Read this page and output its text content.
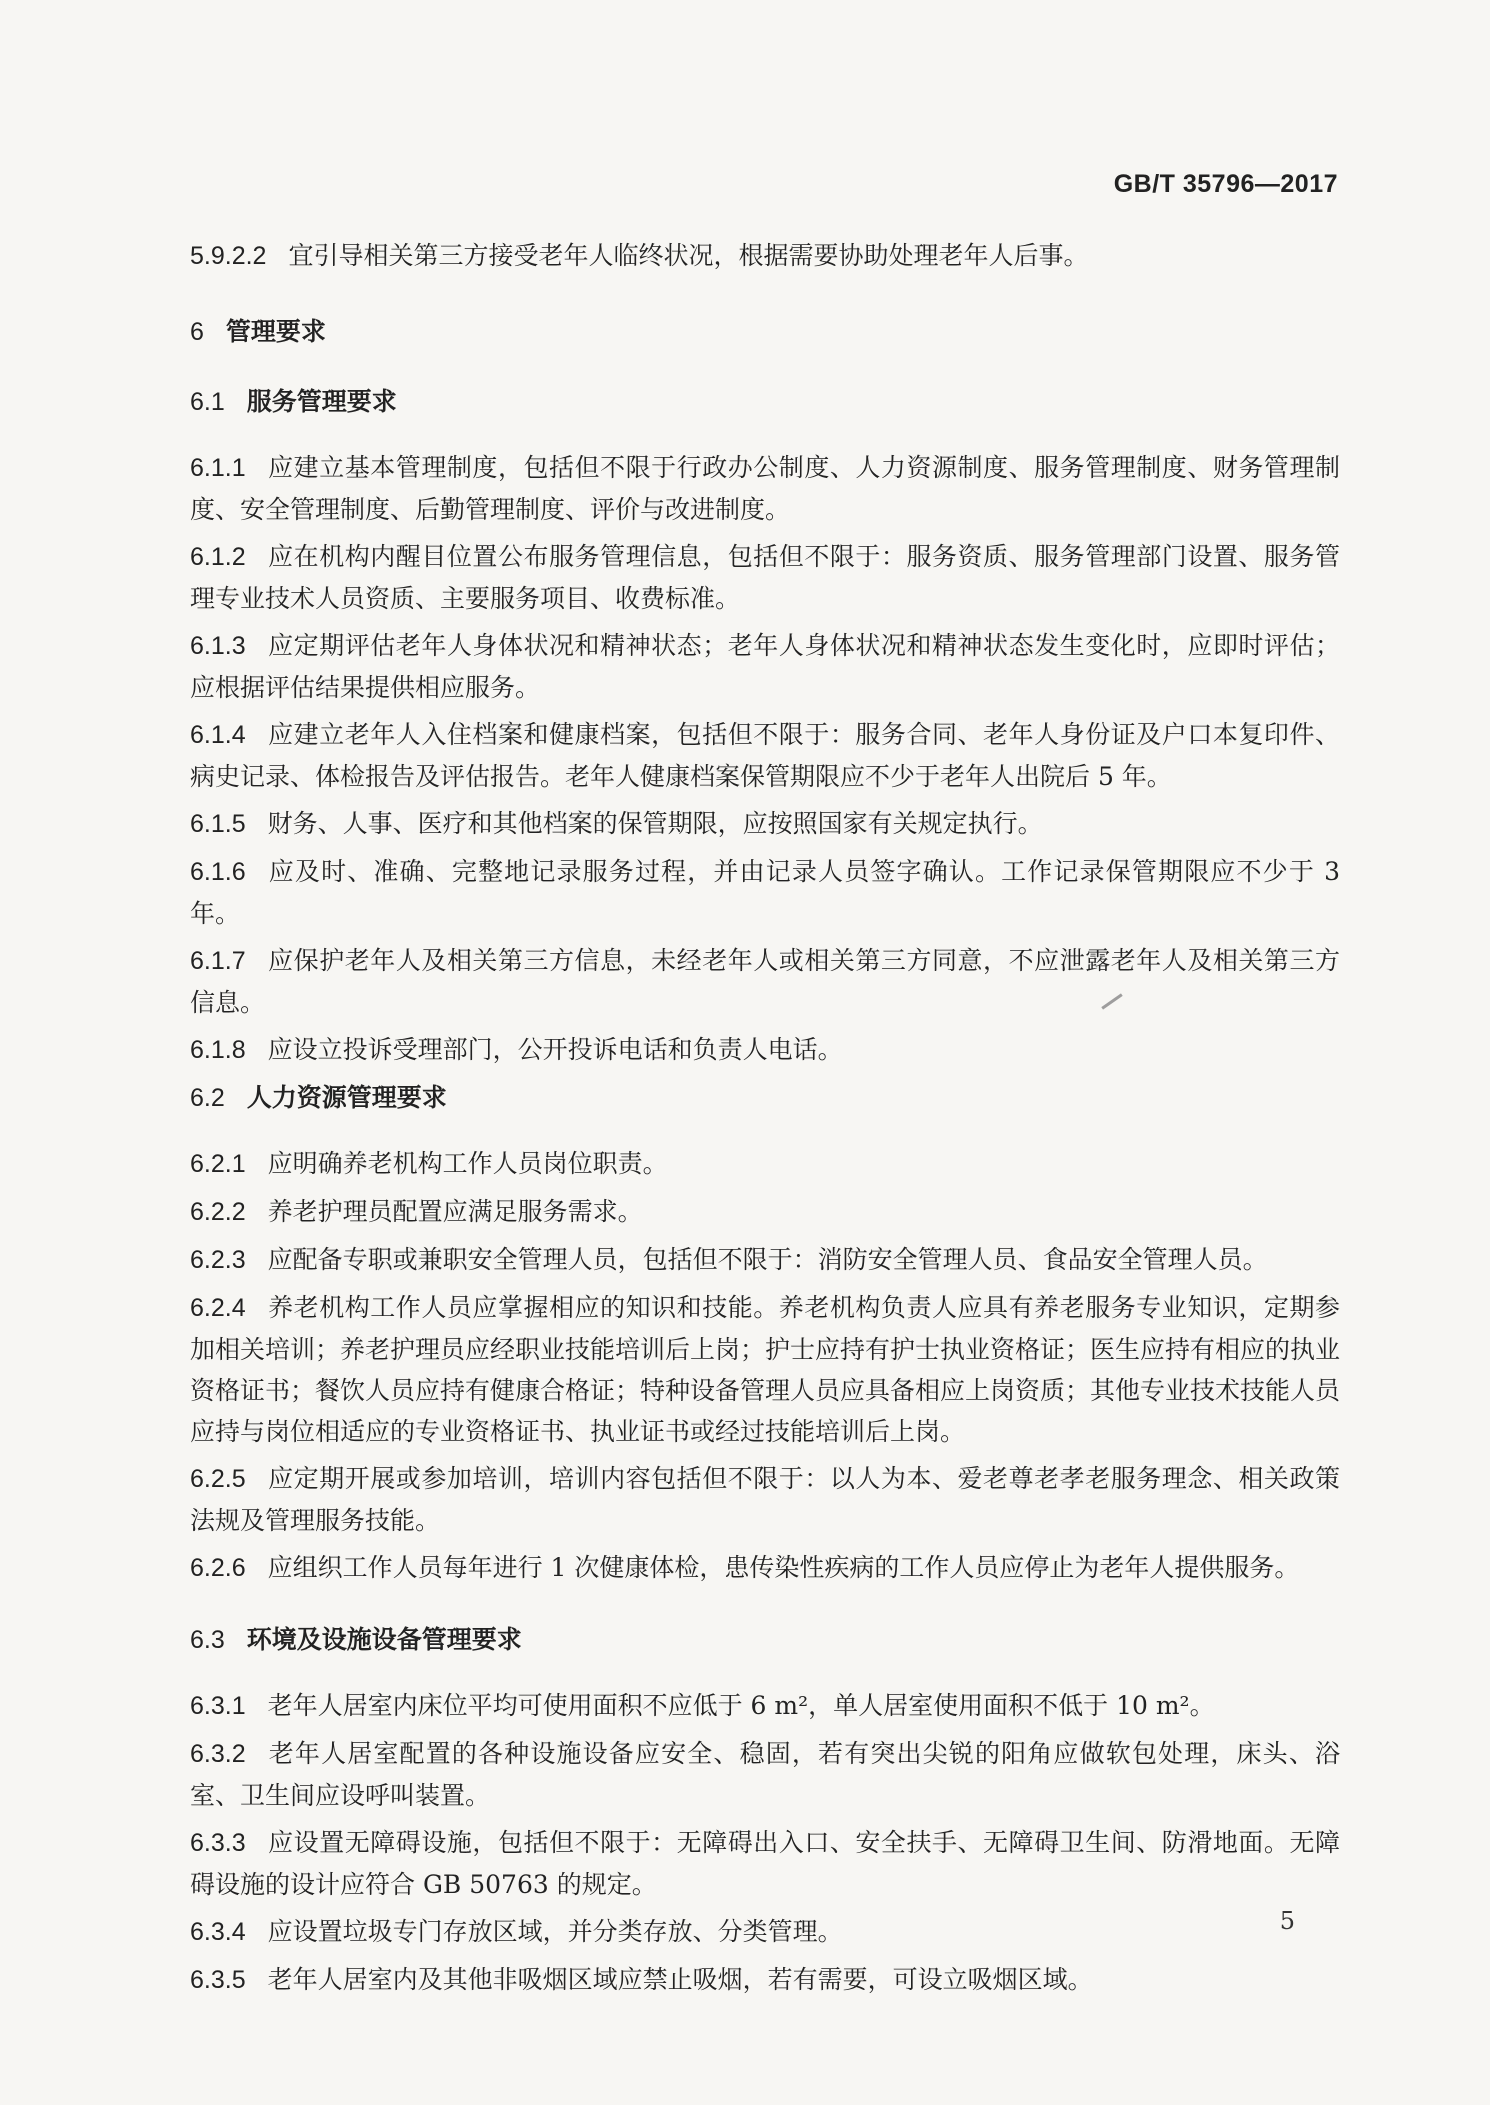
GB/T 35796—2017
5.9.2.2 宜引导相关第三方接受老年人临终状况，根据需要协助处理老年人后事。
6 管理要求
6.1 服务管理要求
6.1.1 应建立基本管理制度，包括但不限于行政办公制度、人力资源制度、服务管理制度、财务管理制度、安全管理制度、后勤管理制度、评价与改进制度。
6.1.2 应在机构内醒目位置公布服务管理信息，包括但不限于：服务资质、服务管理部门设置、服务管理专业技术人员资质、主要服务项目、收费标准。
6.1.3 应定期评估老年人身体状况和精神状态；老年人身体状况和精神状态发生变化时，应即时评估；应根据评估结果提供相应服务。
6.1.4 应建立老年人入住档案和健康档案，包括但不限于：服务合同、老年人身份证及户口本复印件、病史记录、体检报告及评估报告。老年人健康档案保管期限应不少于老年人出院后 5 年。
6.1.5 财务、人事、医疗和其他档案的保管期限，应按照国家有关规定执行。
6.1.6 应及时、准确、完整地记录服务过程，并由记录人员签字确认。工作记录保管期限应不少于 3 年。
6.1.7 应保护老年人及相关第三方信息，未经老年人或相关第三方同意，不应泄露老年人及相关第三方信息。
6.1.8 应设立投诉受理部门，公开投诉电话和负责人电话。
6.2 人力资源管理要求
6.2.1 应明确养老机构工作人员岗位职责。
6.2.2 养老护理员配置应满足服务需求。
6.2.3 应配备专职或兼职安全管理人员，包括但不限于：消防安全管理人员、食品安全管理人员。
6.2.4 养老机构工作人员应掌握相应的知识和技能。养老机构负责人应具有养老服务专业知识，定期参加相关培训；养老护理员应经职业技能培训后上岗；护士应持有护士执业资格证；医生应持有相应的执业资格证书；餐饮人员应持有健康合格证；特种设备管理人员应具备相应上岗资质；其他专业技术技能人员应持与岗位相适应的专业资格证书、执业证书或经过技能培训后上岗。
6.2.5 应定期开展或参加培训，培训内容包括但不限于：以人为本、爱老尊老孝老服务理念、相关政策法规及管理服务技能。
6.2.6 应组织工作人员每年进行 1 次健康体检，患传染性疾病的工作人员应停止为老年人提供服务。
6.3 环境及设施设备管理要求
6.3.1 老年人居室内床位平均可使用面积不应低于 6 m²，单人居室使用面积不低于 10 m²。
6.3.2 老年人居室配置的各种设施设备应安全、稳固，若有突出尖锐的阳角应做软包处理，床头、浴室、卫生间应设呼叫装置。
6.3.3 应设置无障碍设施，包括但不限于：无障碍出入口、安全扶手、无障碍卫生间、防滑地面。无障碍设施的设计应符合 GB 50763 的规定。
6.3.4 应设置垃圾专门存放区域，并分类存放、分类管理。
6.3.5 老年人居室内及其他非吸烟区域应禁止吸烟，若有需要，可设立吸烟区域。
5
